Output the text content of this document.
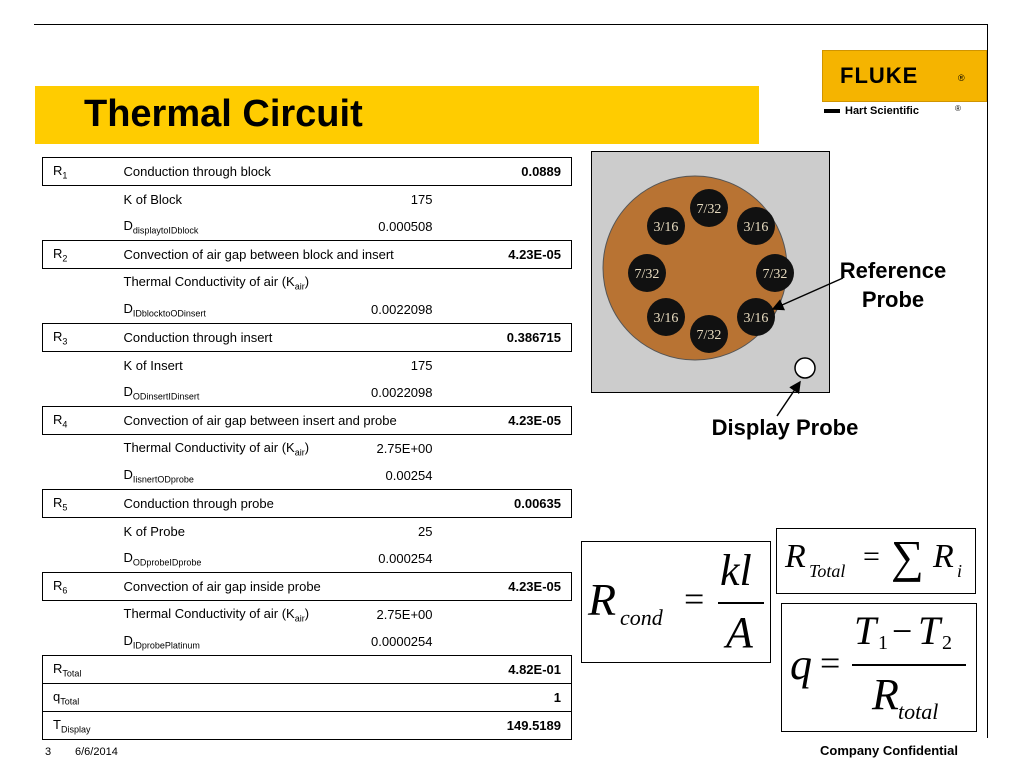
Thermal Circuit
FLUKE	®
Hart Scientific	®
$R_1$	Conduction through block		0.0889
	K of Block	175	
	$D_{displaytoIDblock}$	0.000508	
$R_2$	Convection of air gap between block and insert		4.23E-05
	Thermal Conductivity of air $(K_{air})$		
	$D_{IDblocktoODinsert}$	0.0022098	
$R_3$	Conduction through insert		0.386715
	K of Insert	175	
	$D_{ODinsertIDinsert}$	0.0022098	
$R_4$	Convection of air gap between insert and probe		4.23E-05
	Thermal Conductivity of air $(K_{air})$	2.75E+00	
	$D_{IisnertODprobe}$	0.00254	
$R_5$	Conduction through probe		0.00635
	K of Probe	25	
	$D_{ODprobeIDprobe}$	0.000254	
$R_6$	Convection of air gap inside probe		4.23E-05
	Thermal Conductivity of air $(K_{air})$	2.75E+00	
	$D_{IDprobePlatinum}$	0.0000254	
$R_{Total}$			4.82E-01
$q_{Total}$			1
$T_{Display}$			149.5189
7/32
3/16	3/16
7/32	7/32
3/16	3/16
7/32
Reference
Probe
Display Probe
R Total = ∑ R i
R cond =
kl
A
q =
T 1 − T 2
R total
3 6/6/2014	Company Confidential
